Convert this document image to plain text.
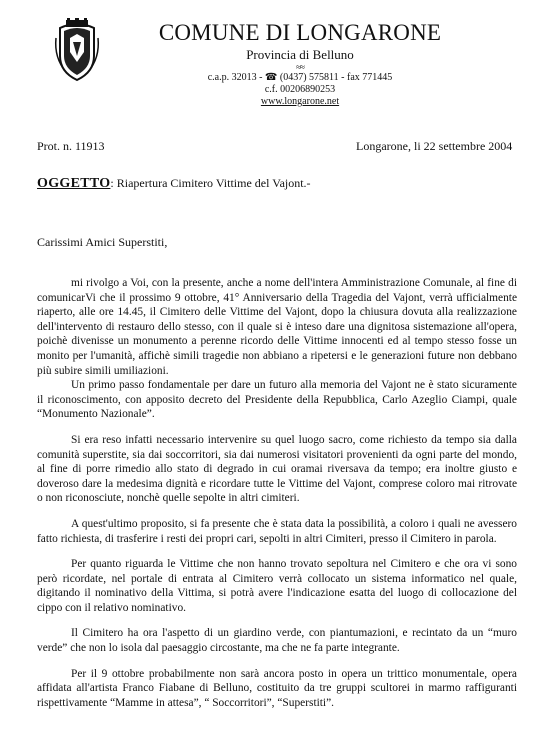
COMUNE DI LONGARONE
Provincia di Belluno
≈≈
c.a.p. 32013 - ☎ (0437) 575811 - fax 771445
c.f. 00206890253
www.longarone.net
Prot. n. 11913	Longarone, li 22 settembre 2004
OGGETTO: Riapertura Cimitero Vittime del Vajont.-
Carissimi Amici Superstiti,

mi rivolgo a Voi, con la presente, anche a nome dell'intera Amministrazione Comunale, al fine di comunicarVi che il prossimo 9 ottobre, 41° Anniversario della Tragedia del Vajont, verrà ufficialmente riaperto, alle ore 14.45, il Cimitero delle Vittime del Vajont, dopo la chiusura dovuta alla realizzazione dell'intervento di restauro dello stesso, con il quale si è inteso dare una dignitosa sistemazione all'opera, poichè divenisse un monumento a perenne ricordo delle Vittime innocenti ed al tempo stesso fosse un monito per l'umanità, affichè simili tragedie non abbiano a ripetersi e le generazioni future non debbano più subire simili umiliazioni.

Un primo passo fondamentale per dare un futuro alla memoria del Vajont ne è stato sicuramente il riconoscimento, con apposito decreto del Presidente della Repubblica, Carlo Azeglio Ciampi, quale “Monumento Nazionale”.

Si era reso infatti necessario intervenire su quel luogo sacro, come richiesto da tempo sia dalla comunità superstite, sia dai soccorritori, sia dai numerosi visitatori provenienti da ogni parte del mondo, al fine di porre rimedio allo stato di degrado in cui oramai riversava da tempo; era inoltre giusto e doveroso dare la medesima dignità e ricordare tutte le Vittime del Vajont, comprese coloro mai ritrovate o non riconosciute, nonchè quelle sepolte in altri cimiteri.

A quest'ultimo proposito, si fa presente che è stata data la possibilità, a coloro i quali ne avessero fatto richiesta, di trasferire i resti dei propri cari, sepolti in altri Cimiteri, presso il Cimitero in parola.

Per quanto riguarda le Vittime che non hanno trovato sepoltura nel Cimitero e che ora vi sono però ricordate, nel portale di entrata al Cimitero verrà collocato un sistema informatico nel quale, digitando il nominativo della Vittima, si potrà avere l'indicazione esatta del luogo di collocazione del cippo con il relativo nominativo.

Il Cimitero ha ora l'aspetto di un giardino verde, con piantumazioni, e recintato da un “muro verde” che non lo isola dal paesaggio circostante, ma che ne fa parte integrante.

Per il 9 ottobre probabilmente non sarà ancora posto in opera un trittico monumentale, opera affidata all'artista Franco Fiabane di Belluno, costituito da tre gruppi scultorei in marmo raffiguranti rispettivamente “Mamme in attesa”, “ Soccorritori”, “Superstiti”.
